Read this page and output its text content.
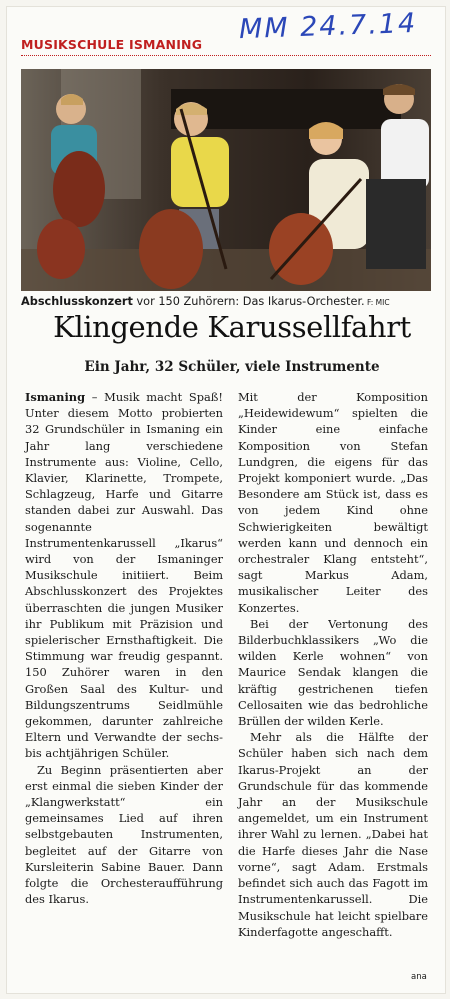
MUSIKSCHULE ISMANING MM 24.7.14
Abschlusskonzert vor 150 Zuhörern: Das Ikarus-Orchester. F: MIC
Klingende Karussellfahrt
Ein Jahr, 32 Schüler, viele Instrumente

Ismaning – Musik macht Spaß! Unter diesem Motto probierten 32 Grundschüler in Ismaning ein Jahr lang verschiedene Instrumente aus: Violine, Cello, Klavier, Klarinette, Trompete, Schlagzeug, Harfe und Gitarre standen dabei zur Auswahl. Das sogenannte Instrumentenkarussell „Ikarus“ wird von der Ismaninger Musikschule initiiert. Beim Abschlusskonzert des Projektes überraschten die jungen Musiker ihr Publikum mit Präzision und spielerischer Ernsthaftigkeit. Die Stimmung war freudig gespannt. 150 Zuhörer waren in den Großen Saal des Kultur- und Bildungszentrums Seidlmühle gekommen, darunter zahlreiche Eltern und Verwandte der sechs- bis achtjährigen Schüler.

Zu Beginn präsentierten aber erst einmal die sieben Kinder der „Klangwerkstatt“ ein gemeinsames Lied auf ihren selbstgebauten Instrumenten, begleitet auf der Gitarre von Kursleiterin Sabine Bauer. Dann folgte die Orchesteraufführung des Ikarus.

Mit der Komposition „Heidewidewum“ spielten die Kinder eine einfache Komposition von Stefan Lundgren, die eigens für das Projekt komponiert wurde. „Das Besondere am Stück ist, dass es von jedem Kind ohne Schwierigkeiten bewältigt werden kann und dennoch ein orchestraler Klang entsteht“, sagt Markus Adam, musikalischer Leiter des Konzertes.

Bei der Vertonung des Bilderbuchklassikers „Wo die wilden Kerle wohnen“ von Maurice Sendak klangen die kräftig gestrichenen tiefen Cellosaiten wie das bedrohliche Brüllen der wilden Kerle.

Mehr als die Hälfte der Schüler haben sich nach dem Ikarus-Projekt an der Grundschule für das kommende Jahr an der Musikschule angemeldet, um ein Instrument ihrer Wahl zu lernen. „Dabei hat die Harfe dieses Jahr die Nase vorne“, sagt Adam. Erstmals befindet sich auch das Fagott im Instrumentenkarussell. Die Musikschule hat leicht spielbare Kinderfagotte angeschafft.

ana
